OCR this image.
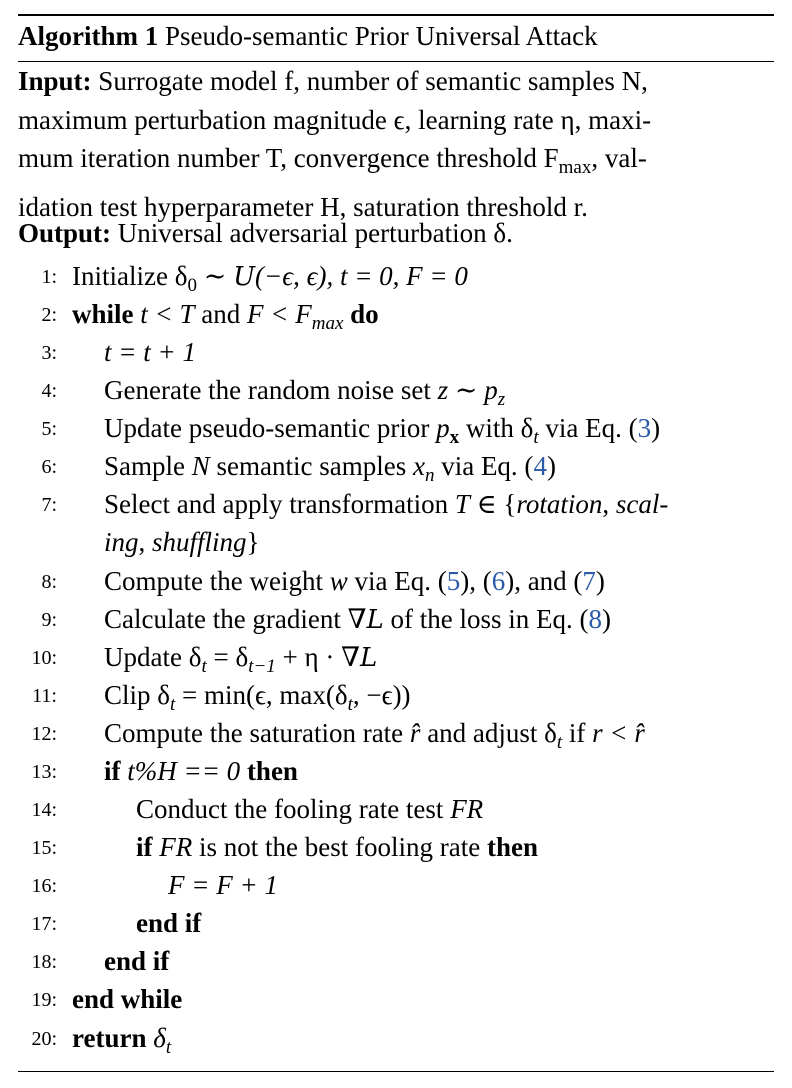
Algorithm 1 Pseudo-semantic Prior Universal Attack
Input: Surrogate model f, number of semantic samples N,
maximum perturbation magnitude ϵ, learning rate η, maxi-
mum iteration number T, convergence threshold $F_{max}$, val-
idation test hyperparameter H, saturation threshold r.
Output: Universal adversarial perturbation δ.
1: Initialize $\delta_0$ ∼ U(−ϵ, ϵ), t = 0, F = 0
2: while t < T and $F < F_{max}$ do
3: t = t + 1
4: Generate the random noise set z ∼ $p_z$
5: Update pseudo-semantic prior $p_x$ with $\delta_t$ via Eq. (3)
6: Sample N semantic samples $x_n$ via Eq. (4)
7: Select and apply transformation T ∈ {rotation, scal-
ing, shuffling}
8: Compute the weight w via Eq. (5), (6), and (7)
9: Calculate the gradient ∇L of the loss in Eq. (8)
10: Update $\delta_t = \delta_{t-1} + \eta \cdot \nabla L$
11: Clip $\delta_t = \min(\epsilon$, $\max(\delta_t$, −ϵ))
12: Compute the saturation rate r̂ and adjust $\delta_t$ if r < r̂
13: if t%H == 0 then
14:	Conduct the fooling rate test FR
15:	if FR is not the best fooling rate then
16:	F = F + 1
17:	end if
18: end if
19: end while
20: return $\delta_t$
